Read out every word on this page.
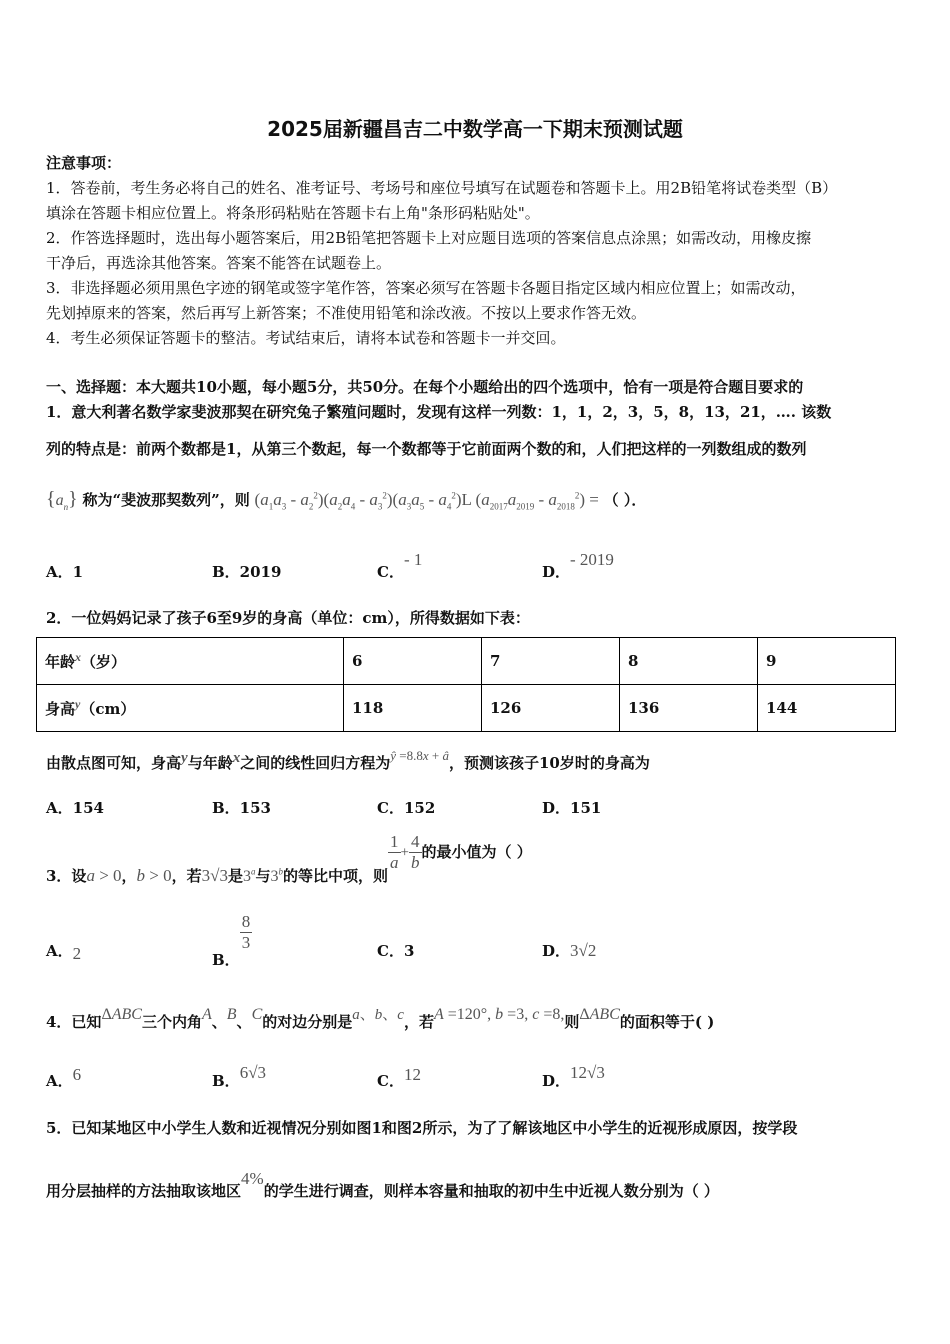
2025届新疆昌吉二中数学高一下期末预测试题
注意事项：
1．答卷前，考生务必将自己的姓名、准考证号、考场号和座位号填写在试题卷和答题卡上。用2B铅笔将试卷类型（B）
填涂在答题卡相应位置上。将条形码粘贴在答题卡右上角"条形码粘贴处"。
2．作答选择题时，选出每小题答案后，用2B铅笔把答题卡上对应题目选项的答案信息点涂黑；如需改动，用橡皮擦
干净后，再选涂其他答案。答案不能答在试题卷上。
3．非选择题必须用黑色字迹的钢笔或签字笔作答，答案必须写在答题卡各题目指定区域内相应位置上；如需改动，
先划掉原来的答案，然后再写上新答案；不准使用铅笔和涂改液。不按以上要求作答无效。
4．考生必须保证答题卡的整洁。考试结束后，请将本试卷和答题卡一并交回。
一、选择题：本大题共10小题，每小题5分，共50分。在每个小题给出的四个选项中，恰有一项是符合题目要求的
1．意大利著名数学家斐波那契在研究兔子繁殖问题时，发现有这样一列数：1，1，2，3，5，8，13，21，…. 该数
列的特点是：前两个数都是1，从第三个数起，每一个数都等于它前面两个数的和，人们把这样的一列数组成的数列
$\{a_n\}$ 称为“斐波那契数列”，则 $(a_1a_3 - a_2^2)(a_2a_4 - a_3^2)(a_3a_5 - a_4^2)L$ $(a_{2017}a_{2019} - a_{2018}^2)$ = （ ）．
A．1	B．2019	C．- 1
D．- 2019
2．一位妈妈记录了孩子6至9岁的身高（单位：cm），所得数据如下表：
年龄$^x$（岁）	6	7	8	9
身高$^y$（cm）	118	126	136	144
由散点图可知，身高$^y$与年龄$^x$之间的线性回归方程为ŷ =8.8x + â，预测该孩子10岁时的身高为
A．154	B．153	C．152	D．151
3．设a > 0，b > 0，若3√3是3$^a$与3$^b$的等比中项，则
$\frac{1}{a} + \frac{4}{b}$ 的最小值为（ ）
A．2	B．
$\frac{8}{3}$	C．3	D．3√2
4．已知ΔABC三个内角A、B、C的对边分别是a、b、c，若A =120°, b =3, c =8,则ΔABC的面积等于( )
A．6	B．6√3	C．12	D．12√3
5．已知某地区中小学生人数和近视情况分别如图1和图2所示，为了了解该地区中小学生的近视形成原因，按学段
用分层抽样的方法抽取该地区4%的学生进行调查，则样本容量和抽取的初中生中近视人数分别为（ ）
